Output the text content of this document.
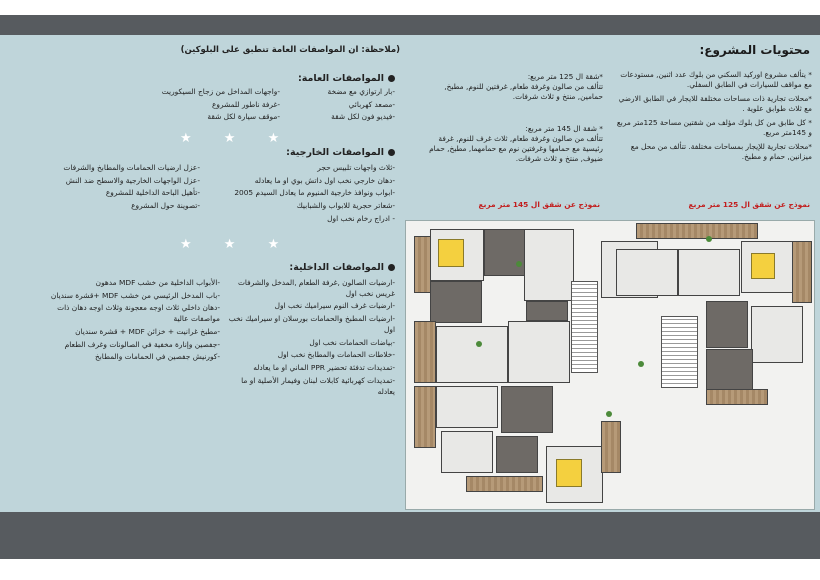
(ملاحظة: ان المواصفات العامة تنطبق على البلوكين)
المواصفات العامة:
-بار ارتوازي مع مضخة
-مصعد كهربائي
-فيديو فون لكل شقة
-واجهات المداخل من زجاج السيكوريت
-غرفة ناطور للمشروع
-موقف سيارة لكل شقة
★ ★ ★
المواصفات الخارجية:
-ثلاث واجهات تلبيس حجر
-دهان خارجي نخب اول داتش بوي او ما يعادله
-ابواب ونوافذ خارجية المنيوم ما يعادل السيدم 2005
-شعاتر حجرية للابواب والشبابيك
- ادراج رخام نخب اول
-عزل ارضيات الحمامات والمطابخ والشرفات
-عزل الواجهات الخارجية والاسطح ضد النش
-تأهيل الباحة الداخلية للمشروع
-تصوينة حول المشروع
★ ★ ★
المواصفات الداخلية:
-ارضيات الصالون ,غرفة الطعام ,المدخل والشرفات غريس نخب اول
-ارضيات غرف النوم سيراميك نخب اول
-ارضيات المطبخ والحمامات بورسلان او سيراميك نخب اول
-بياضات الحمامات نخب اول
-خلاطات الحمامات والمطابخ نخب اول
-تمديدات تدفئة تحضير PPR الماني او ما يعادله
-تمديدات كهربائية كابلات لبنان وفيمار الأصلية او ما يعادله
-الأبواب الداخلية من خشب MDF مدهون
-باب المدخل الرئيسي من خشب MDF +قشرة سنديان
-دهان داخلي ثلاث اوجه معجونة وثلاث اوجه دهان ذات مواصفات عالية
-مطبخ غرانيت + خزائن MDF + قشرة سنديان
-جفصين وإنارة مخفية في الصالونات وغرف الطعام
-كورنيش جفصين في الحمامات والمطابخ
محتويات المشروع:

* يتألف مشروع اوركيد السكني من بلوك عدد اثنين, مستودعات مع مواقف للسيارات في الطابق السفلي.

*محلات تجارية ذات مساحات مختلفة للايجار في الطابق الارضي مع ثلاث طوابق علوية .

* كل طابق من كل بلوك مؤلف من شقتين مساحة 125متر مربع و 145متر مربع.

*محلات تجارية للإيجار بمساحات مختلفة. تتألف من محل مع ميزانين, حمام و مطبخ.

*شقة ال 125 متر مربع:

تتألف من صالون وغرفة طعام, غرفتين للنوم, مطبخ, حمامين, منتخ و ثلاث شرفات.

* شقة ال 145 متر مربع:

تتألف من صالون وغرفة طعام, ثلاث غرف للنوم, غرفة رئيسية مع حمامها وغرفتين نوم مع حمامهما, مطبخ, حمام ضيوف, منتخ و ثلاث شرفات.

نموذج عن شقق ال 145 متر مربع	نموذج عن شقق ال 125 متر مربع
